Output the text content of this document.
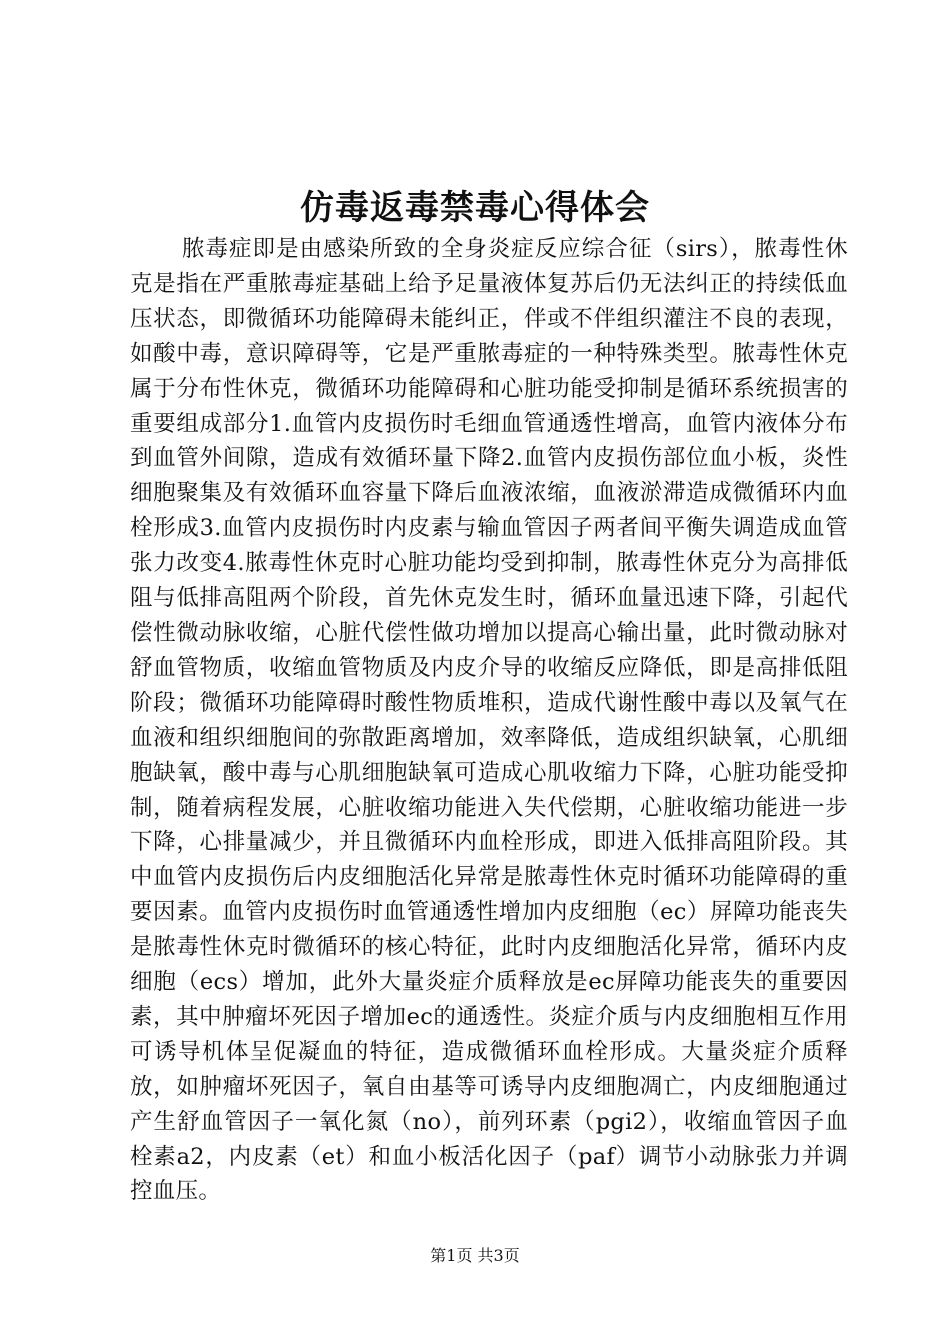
仿毒返毒禁毒心得体会

脓毒症即是由感染所致的全身炎症反应综合征（sirs），脓毒性休克是指在严重脓毒症基础上给予足量液体复苏后仍无法纠正的持续低血压状态，即微循环功能障碍未能纠正，伴或不伴组织灌注不良的表现，如酸中毒，意识障碍等，它是严重脓毒症的一种特殊类型。脓毒性休克属于分布性休克，微循环功能障碍和心脏功能受抑制是循环系统损害的重要组成部分1.血管内皮损伤时毛细血管通透性增高，血管内液体分布到血管外间隙，造成有效循环量下降2.血管内皮损伤部位血小板，炎性细胞聚集及有效循环血容量下降后血液浓缩，血液淤滞造成微循环内血栓形成3.血管内皮损伤时内皮素与输血管因子两者间平衡失调造成血管张力改变4.脓毒性休克时心脏功能均受到抑制，脓毒性休克分为高排低阻与低排高阻两个阶段，首先休克发生时，循环血量迅速下降，引起代偿性微动脉收缩，心脏代偿性做功增加以提高心输出量，此时微动脉对舒血管物质，收缩血管物质及内皮介导的收缩反应降低，即是高排低阻阶段；微循环功能障碍时酸性物质堆积，造成代谢性酸中毒以及氧气在血液和组织细胞间的弥散距离增加，效率降低，造成组织缺氧，心肌细胞缺氧，酸中毒与心肌细胞缺氧可造成心肌收缩力下降，心脏功能受抑制，随着病程发展，心脏收缩功能进入失代偿期，心脏收缩功能进一步下降，心排量减少，并且微循环内血栓形成，即进入低排高阻阶段。其中血管内皮损伤后内皮细胞活化异常是脓毒性休克时循环功能障碍的重要因素。血管内皮损伤时血管通透性增加内皮细胞（ec）屏障功能丧失是脓毒性休克时微循环的核心特征，此时内皮细胞活化异常，循环内皮细胞（ecs）增加，此外大量炎症介质释放是ec屏障功能丧失的重要因素，其中肿瘤坏死因子增加ec的通透性。炎症介质与内皮细胞相互作用可诱导机体呈促凝血的特征，造成微循环血栓形成。大量炎症介质释放，如肿瘤坏死因子，氧自由基等可诱导内皮细胞凋亡，内皮细胞通过产生舒血管因子一氧化氮（no），前列环素（pgi2），收缩血管因子血栓素a2，内皮素（et）和血小板活化因子（paf）调节小动脉张力并调控血压。

第1页 共3页
